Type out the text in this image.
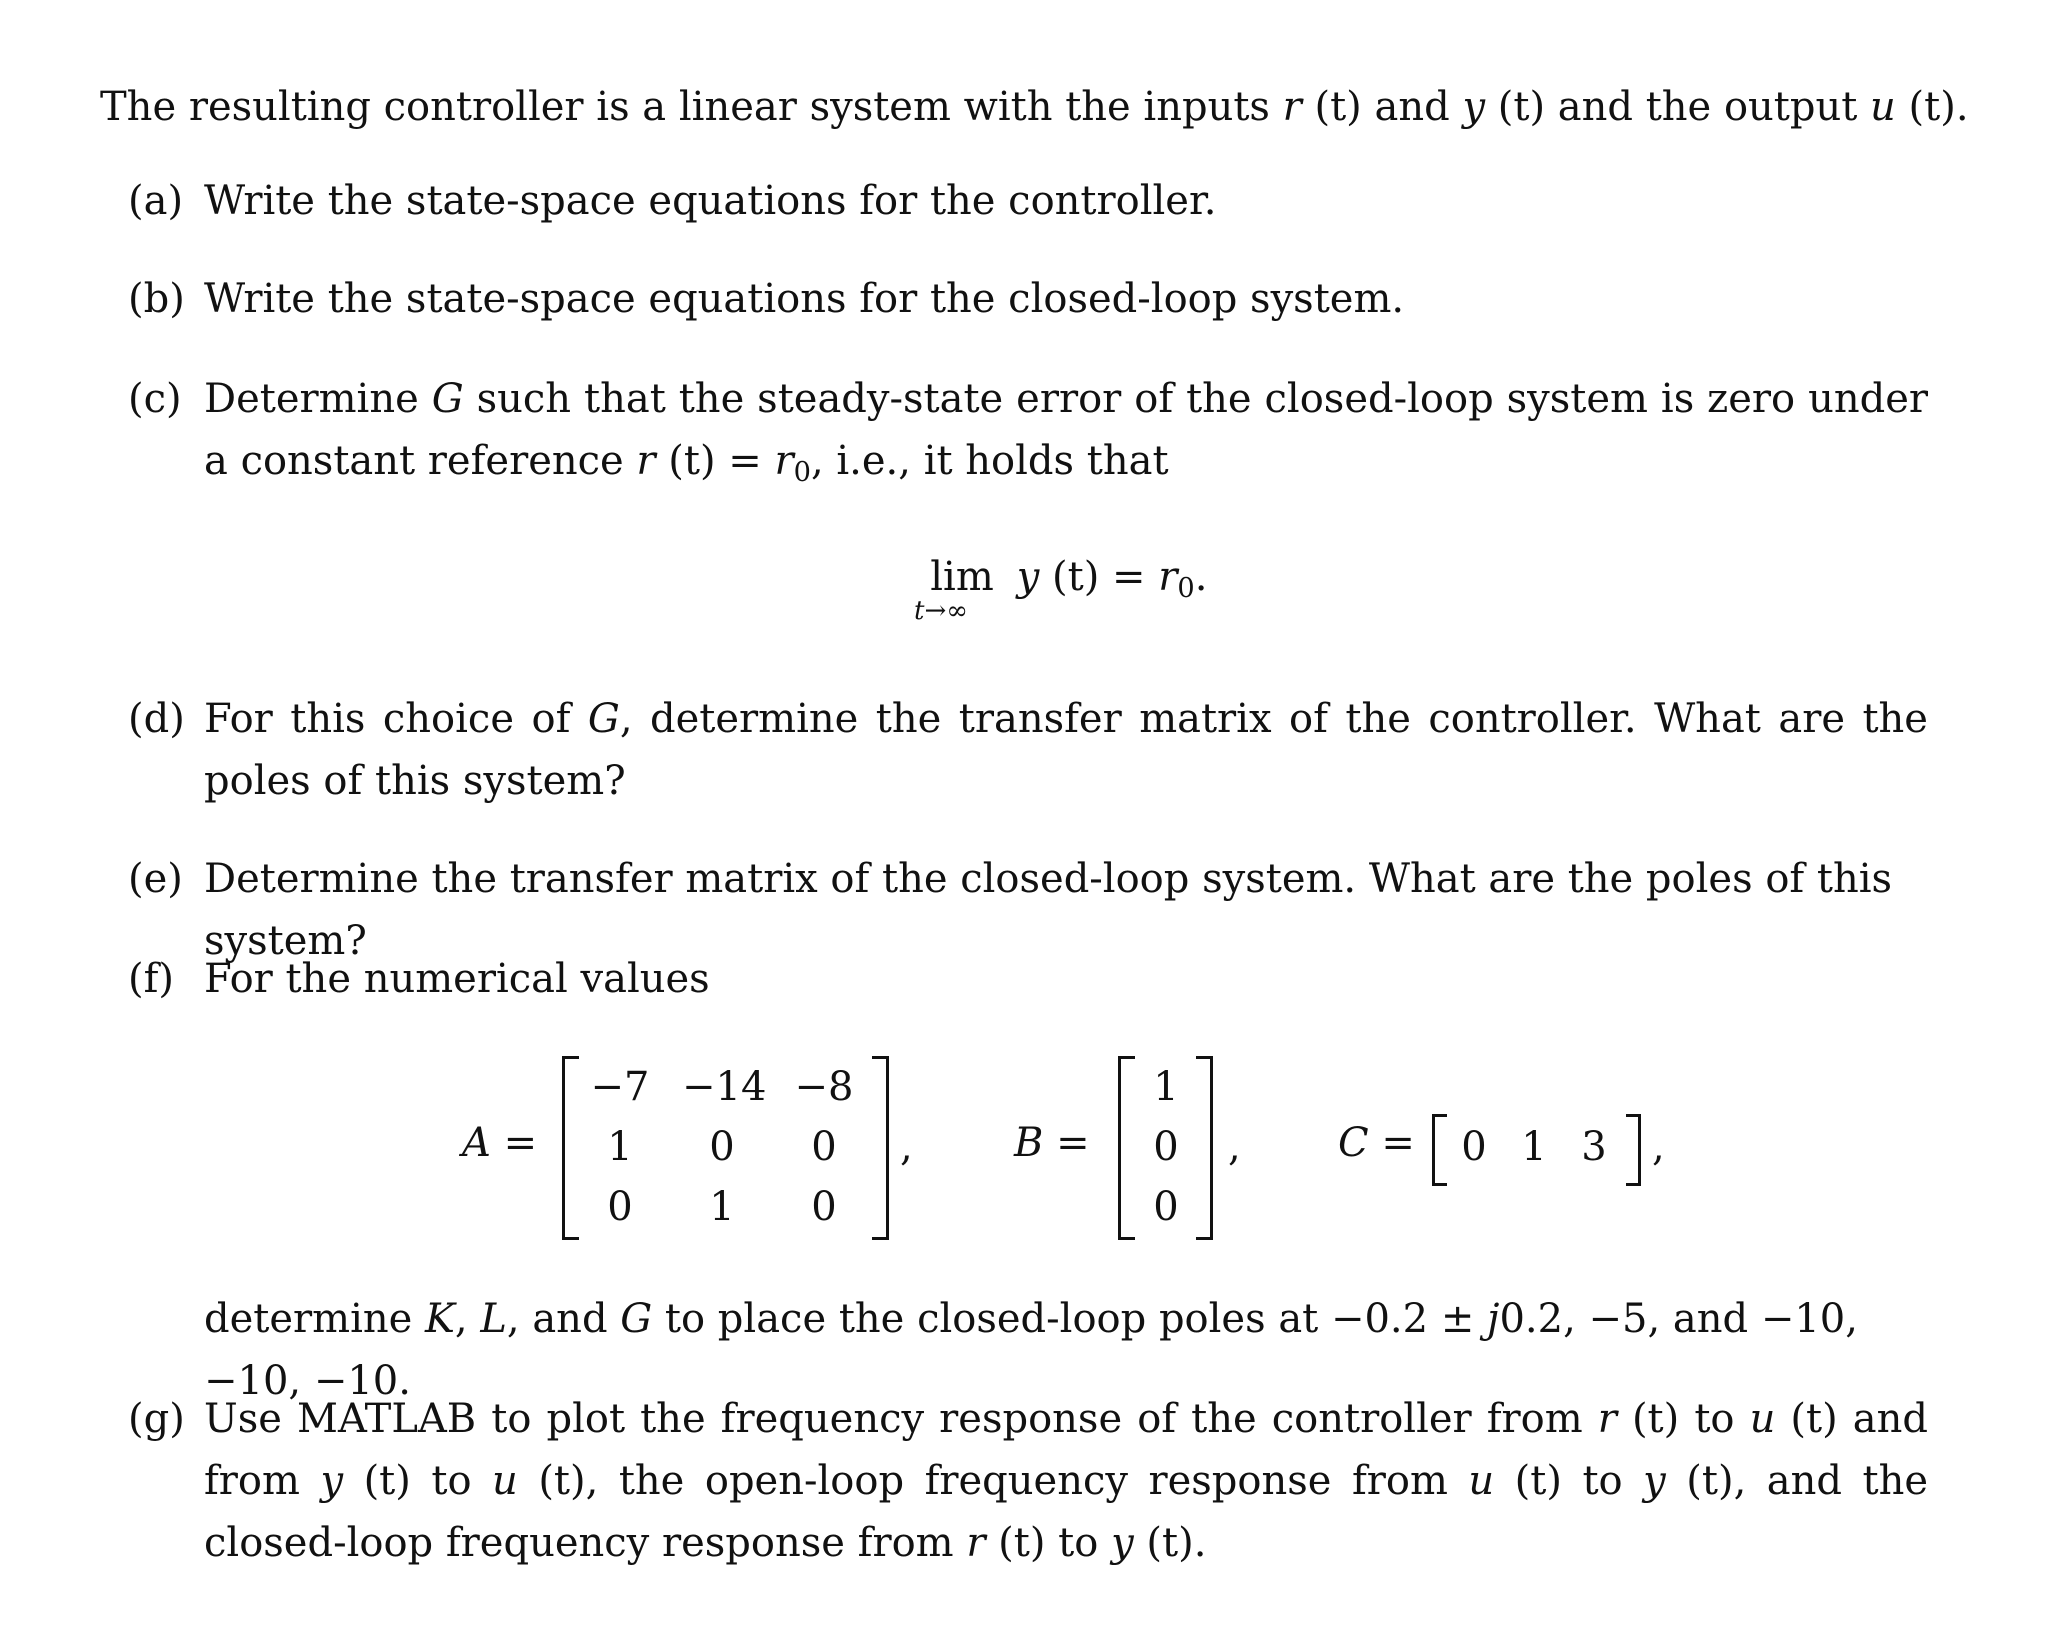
The resulting controller is a linear system with the inputs r (t) and y (t) and the output u (t).
(a) Write the state-space equations for the controller.
(b) Write the state-space equations for the closed-loop system.
(c) Determine G such that the steady-state error of the closed-loop system is zero under a constant reference r $(t) = r_0$, i.e., it holds that
lim
t→∞
y $(t) = r_0$.
(d) For this choice of G, determine the transfer matrix of the controller. What are the poles of this system?
(e) Determine the transfer matrix of the closed-loop system. What are the poles of this system?
(f) For the numerical values
A =
−7 −14 −8
1	0	0
0	1	0
,	B =
1
0
0
, C =	0 1 3	,
determine K, L, and G to place the closed-loop poles at −0.2 ± j0.2, −5, and −10, −10, −10.
(g) Use MATLAB to plot the frequency response of the controller from r (t) to u (t) and from y (t) to u (t), the open-loop frequency response from u (t) to y (t), and the closed-loop frequency response from r (t) to y (t).
